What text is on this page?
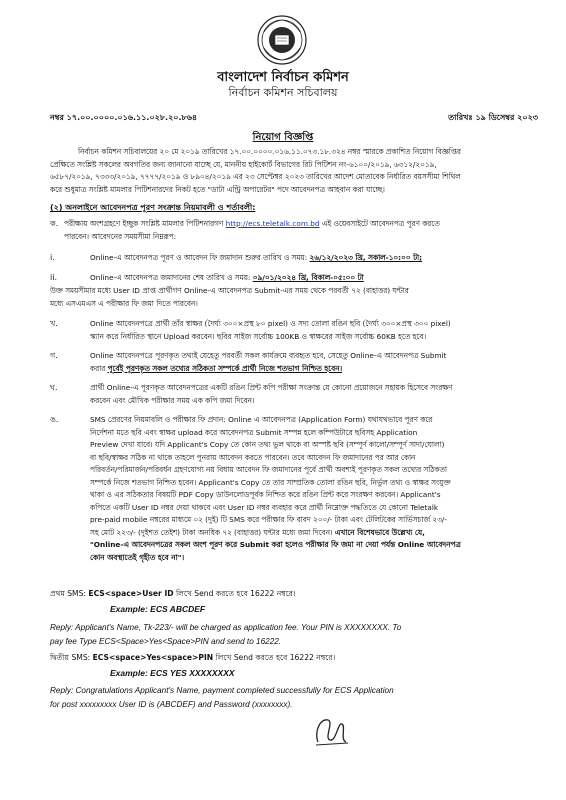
বাংলাদেশ নির্বাচন কমিশন
নির্বাচন কমিশন সচিবালয়
নম্বর ১৭.০০.০০০০.০১৬.১১.০২৮.২০.৮৬৪	তারিখঃ ১৯ ডিসেম্বর ২০২৩
নিয়োগ বিজ্ঞপ্তি
নির্বাচন কমিশন সচিবালয়ের ২০ মে ২০১৯ তারিখের ১৭.০০.০০০০.০১৬.১১.০৭৩.১৮.৩২৪ নম্বর স্মারকে প্রকাশিত নিয়োগ বিজ্ঞপ্তির
প্রেক্ষিতে সংশ্লিষ্ট সকলের অবগতির জন্য জানানো যাচ্ছে যে, মাননীয় হাইকোর্ট বিভাগের রিট পিটিশন নং-৬১০০/২০১৯, ৬৩১২/২০১৯,
৬৫৮৭/২০১৯, ৭৩৩৩/২০১৯, ৭৭৭৭/২০১৯ ও ৮৯০৪/২০১৯ এর ২৩ সেপ্টেম্বর ২০২৩ তারিখের আদেশ মোতাবেক নির্ধারিত বয়সসীমা শিথিল
করে শুধুমাত্র সংশ্লিষ্ট মামলার পিটিশনারদের নিকট হতে "ডাটা এন্ট্রি অপারেটর" পদে আবেদনপত্র আহবান করা যাচ্ছে।
(২) অনলাইনে আবেদনপত্র পূরণ সংক্রান্ত নিয়মাবলী ও শর্তাবলী:
ক. পরীক্ষায় অংশগ্রহণে ইচ্ছুক সংশ্লিষ্ট মামলার পিটিশনারগণ http://ecs.teletalk.com.bd এই ওয়েবসাইটে আবেদনপত্র পূরণ করতে
পারবেন। আবেদনের সময়সীমা নিম্নরূপ:
i.	Online-এ আবেদনপত্র পূরণ ও আবেদন ফি জমাদান শুরুর তারিখ ও সময়: ২৬/১২/২০২৩ খ্রি, সকাল-১০:০০ টা;
ii.	Online-এ আবেদনপত্র জমাদানের শেষ তারিখ ও সময়: ০৯/০১/২০২৪ খ্রি, বিকাল-০৫:০০ টা
উক্ত সময়সীমার মধ্যে User ID প্রাপ্ত প্রার্থীগণ Online-এ আবেদনপত্র Submit-এর সময় থেকে পরবর্তী ৭২ (বাহাত্তর) ঘন্টার
মধ্যে এসএমএস এ পরীক্ষার ফি জমা দিতে পারবেন।
খ.	Online আবেদনপত্রে প্রার্থী তাঁর স্বাক্ষর (দৈর্ঘ্য ৩০০×প্রস্থ ৮০ pixel) ও সদ্য তোলা রঙিন ছবি (দৈর্ঘ্য ৩০০×প্রস্থ ৩০০ pixel)
স্ক্যান করে নির্ধারিত স্থানে Upload করবেন। ছবির সাইজ সর্বোচ্চ 100KB ও স্বাক্ষরের সাইজ সর্বোচ্চ 60KB হতে হবে।
গ.	Online আবেদনপত্রে পূরণকৃত তথ্যই যেহেতু পরবর্তী সকল কার্যক্রমে ব্যবহৃত হবে, সেহেতু Online-এ আবেদনপত্র Submit
করার পূর্বেই পূরণকৃত সকল তথ্যের সঠিকতা সম্পর্কে প্রার্থী নিজে শতভাগ নিশ্চিত হবেন।
ঘ.	প্রার্থী Online-এ পূরণকৃত আবেদনপত্রের একটি রঙিন প্রিন্ট কপি পরীক্ষা সংক্রান্ত যে কোনো প্রয়োজনে সহায়ক হিসেবে সংরক্ষণ
করবেন এবং মৌখিক পরীক্ষার সময় এক কপি জমা দিবেন।
ঙ.	SMS প্রেরণের নিয়মাবলি ও পরীক্ষার ফি প্রদান: Online এ আবেদনপত্র (Application Form) যথাযথভাবে পূরণ করে
নির্দেশনা মতে ছবি এবং স্বাক্ষর upload করে আবেদনপত্র Submit সম্পন্ন হলে কম্পিউটারে ছবিসহ Application
Preview দেখা যাবে। যদি Applicant's Copy তে কোন তথ্য ভুল থাকে বা অস্পষ্ট ছবি (সম্পূর্ণ কালো/সম্পূর্ণ সাদা/ঘোলা)
বা ছবি/স্বাক্ষর সঠিক না থাকে তাহলে পুনরায় আবেদন করতে পারবেন। তবে আবেদন ফি জমাদানের পর আর কোন
পরিবর্তন/পরিমার্জন/পরিবর্ধন গ্রহণযোগ্য নয় বিধায় আবেদন ফি জমাদানের পূর্বে প্রার্থী অবশ্যই পূরণকৃত সকল তথ্যের সঠিকতা
সম্পর্কে নিজে শতভাগ নিশ্চিত হবেন। Applicant's Copy তে তার সাম্প্রতিক তোলা রঙিন ছবি, নির্ভুল তথ্য ও স্বাক্ষর সংযুক্ত
থাকা ও এর সঠিকতার বিষয়টি PDF Copy ডাউনলোডপূর্বক নিশ্চিত করে রঙিন প্রিন্ট করে সংরক্ষণ করবেন। Applicant's
কপিতে একটি User ID নম্বর দেয়া থাকবে এবং User ID নম্বর ব্যবহার করে প্রার্থী নিম্নোক্ত পদ্ধতিতে যে কোনো Teletalk
pre-paid mobile নম্বরের মাধ্যমে ০২ (দুই) টি SMS করে পরীক্ষার ফি বাবদ ২০০/- টাকা এবং টেলিটকের সার্ভিসচার্জ ২৩/-
সহ মোট ২২৩/- (দুইশত তেইশ) টাকা অনধিক ৭২ (বাহাত্তর) ঘন্টার মধ্যে জমা দিবেন। এখানে বিশেষভাবে উল্লেখ্য যে,
"Online-এ আবেদনপত্রের সকল অংশ পূরণ করে Submit করা হলেও পরীক্ষার ফি জমা না দেয়া পর্যন্ত Online আবেদনপত্র
কোন অবস্থাতেই গৃহীত হবে না"।
প্রথম SMS: ECS<space>User ID লিখে Send করতে হবে 16222 নম্বরে।
Example: ECS ABCDEF
Reply: Applicant's Name, Tk-223/- will be charged as application fee. Your PIN is XXXXXXXX. To
pay fee Type ECS<Space>Yes<Space>PIN and send to 16222.
দ্বিতীয় SMS: ECS<space>Yes<space>PIN লিখে Send করতে হবে 16222 নম্বরে।
Example: ECS YES XXXXXXXX
Reply: Congratulations Applicant's Name, payment completed successfully for ECS Application
for post xxxxxxxxx User ID is (ABCDEF) and Password (xxxxxxxx).
